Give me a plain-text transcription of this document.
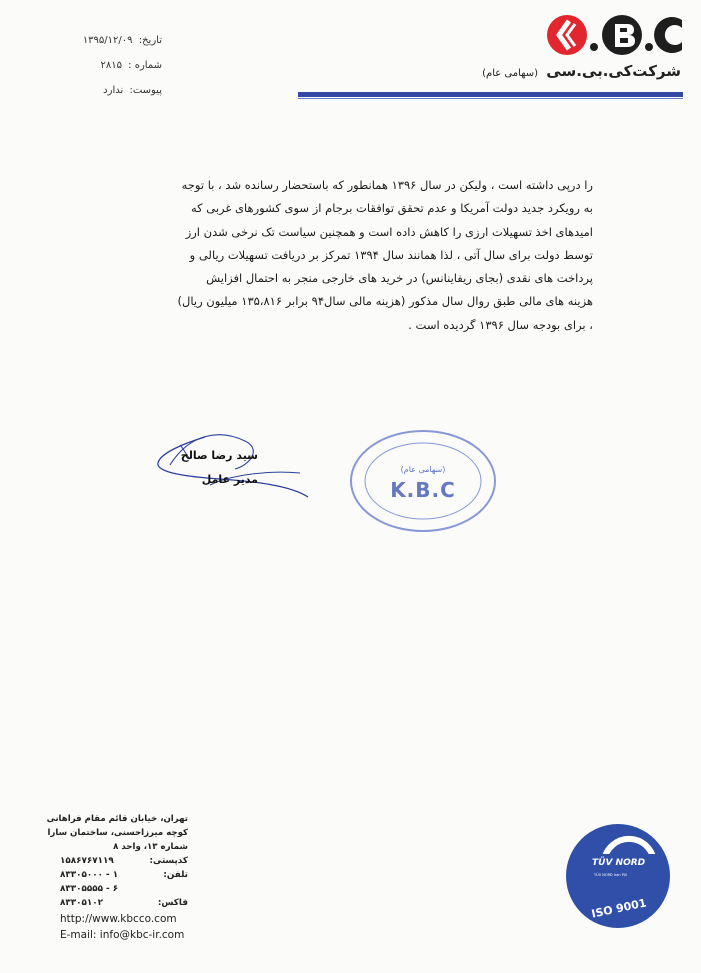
شرکت‌کی.بی.سی (سهامی عام)
تاریخ: ۱۳۹۵/۱۲/۰۹
شماره : ۲۸۱۵
پیوست: ندارد
را درپی داشته است ، ولیکن در سال ۱۳۹۶ همانطور که باستحضار رسانده شد ، با توجه
به رویکرد جدید دولت آمریکا و عدم تحقق توافقات برجام از سوی کشورهای غربی که
امیدهای اخذ تسهیلات ارزی را کاهش داده است و همچنین سیاست تک نرخی شدن ارز
توسط دولت برای سال آتی ، لذا همانند سال ۱۳۹۴ تمرکز بر دریافت تسهیلات ریالی و
پرداخت های نقدی (بجای ریفاینانس) در خرید های خارجی منجر به احتمال افزایش
هزینه های مالی طبق روال سال مذکور (هزینه مالی سال۹۴ برابر ۱۳۵،۸۱۶ میلیون ریال)
، برای بودجه سال ۱۳۹۶ گردیده است .
سید رضا صالح
مدیر عامل
(سهامی عام)
K.B.C
تهران، خیابان قائم مقام فراهانی
کوچه میرزاحسنی، ساختمان سارا
شماره ۱۳، واحد ۸
کدپستی:
۱۵۸۶۷۶۷۱۱۹
تلفن:
۸۳۳۰۵۰۰۰ - ۱
۸۳۳۰۵۵۵۵ - ۶
فاکس:
۸۳۳۰۵۱۰۲
http://www.kbcco.com
E-mail: info@kbc-ir.com
TÜV NORD
TÜV NORD Iran PJS
ISO 9001
